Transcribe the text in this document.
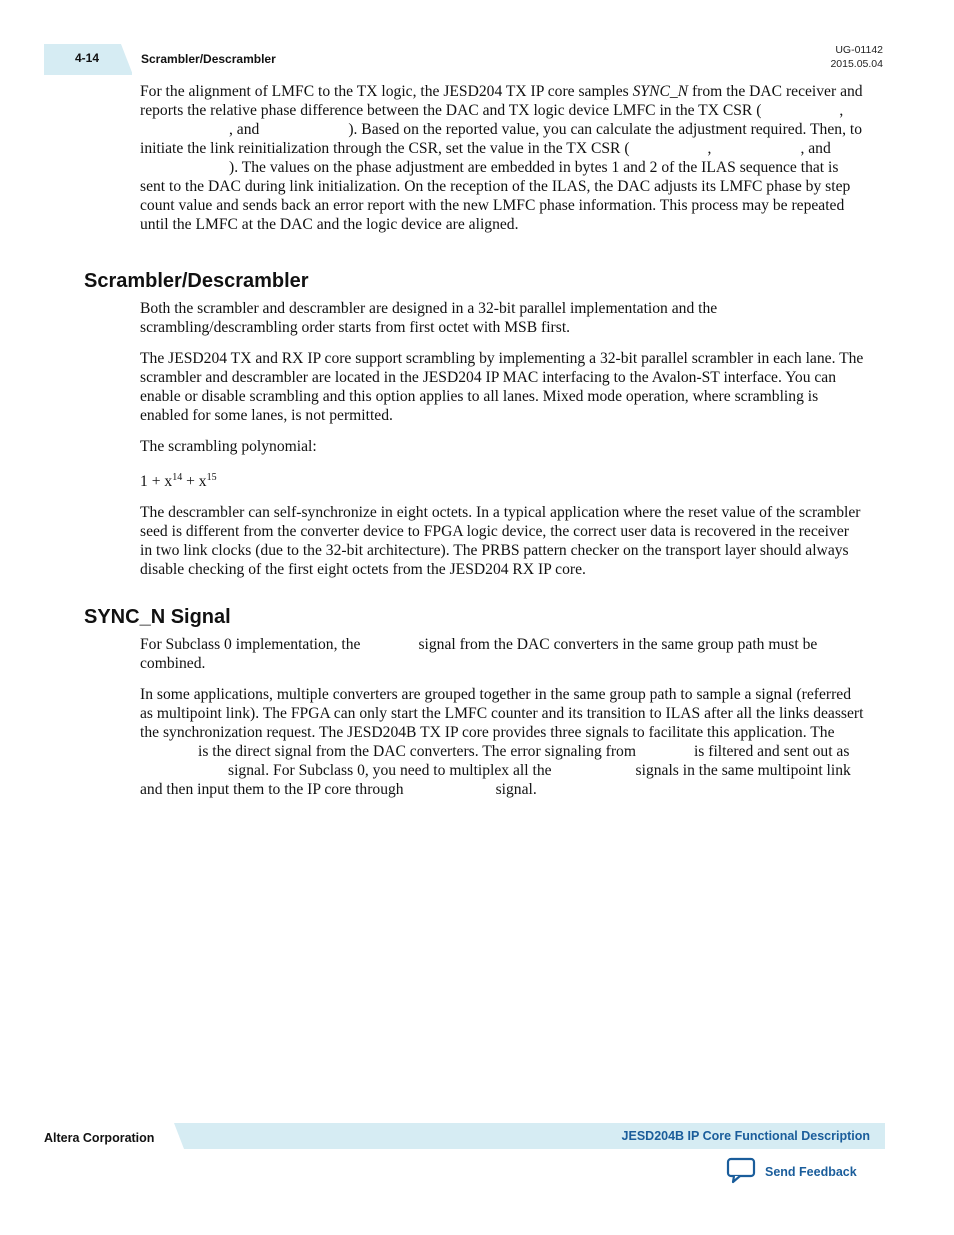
4-14	Scrambler/Descrambler
UG-01142
2015.05.04

For the alignment of LMFC to the TX logic, the JESD204 TX IP core samples SYNC_N from the DAC receiver and reports the relative phase difference between the DAC and TX logic device LMFC in the TX CSR (	,, and	). Based on the reported value, you can calculate the adjustment required. Then, to initiate the link reinitialization through the CSR, set the value in the TX CSR (	,	, and). The values on the phase adjustment are embedded in bytes 1 and 2 of the ILAS sequence that is sent to the DAC during link initialization. On the reception of the ILAS, the DAC adjusts its LMFC phase by step count value and sends back an error report with the new LMFC phase information. This process may be repeated until the LMFC at the DAC and the logic device are aligned.

Scrambler/Descrambler

Both the scrambler and descrambler are designed in a 32-bit parallel implementation and the scrambling/descrambling order starts from first octet with MSB first.

The JESD204 TX and RX IP core support scrambling by implementing a 32-bit parallel scrambler in each lane. The scrambler and descrambler are located in the JESD204 IP MAC interfacing to the Avalon-ST interface. You can enable or disable scrambling and this option applies to all lanes. Mixed mode operation, where scrambling is enabled for some lanes, is not permitted.

The scrambling polynomial:

$1 + x^{14} + x^{15}$

The descrambler can self-synchronize in eight octets. In a typical application where the reset value of the scrambler seed is different from the converter device to FPGA logic device, the correct user data is recovered in the receiver in two link clocks (due to the 32-bit architecture). The PRBS pattern checker on the transport layer should always disable checking of the first eight octets from the JESD204 RX IP core.

SYNC_N Signal

For Subclass 0 implementation, the	signal from the DAC converters in the same group path must be combined.

In some applications, multiple converters are grouped together in the same group path to sample a signal (referred as multipoint link). The FPGA can only start the LMFC counter and its transition to ILAS after all the links deassert the synchronization request. The JESD204B TX IP core provides three signals to facilitate this application. Theis the direct signal from the DAC converters. The error signaling from	is filtered and sent out assignal. For Subclass 0, you need to multiplex all the	signals in the same multipoint link and then input them to the IP core through	signal.

Altera Corporation	JESD204B IP Core Functional Description
Send Feedback
